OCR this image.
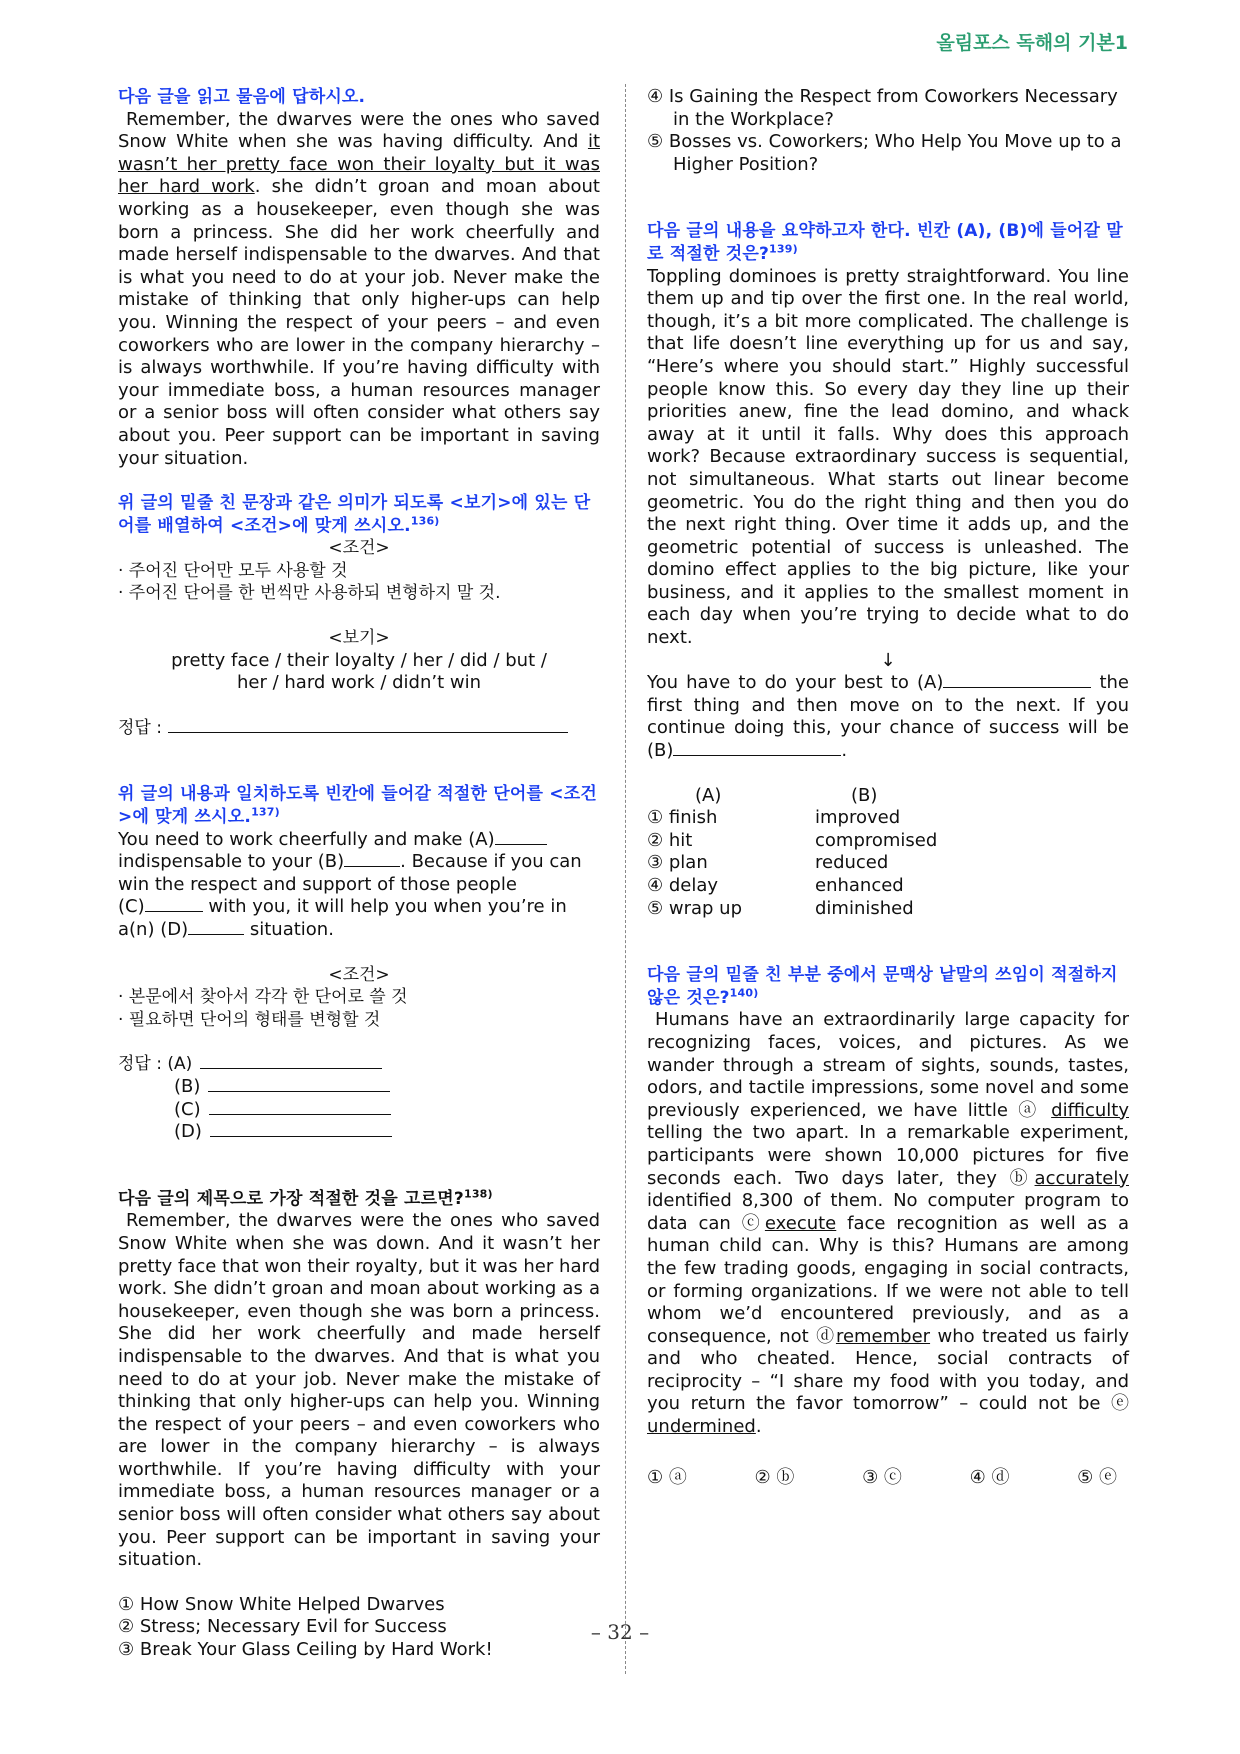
올림포스 독해의 기본1
다음 글을 읽고 물음에 답하시오.
Remember, the dwarves were the ones who saved Snow White when she was having difficulty. And it wasn’t her pretty face won their loyalty but it was her hard work. she didn’t groan and moan about working as a housekeeper, even though she was born a princess. She did her work cheerfully and made herself indispensable to the dwarves. And that is what you need to do at your job. Never make the mistake of thinking that only higher-ups can help you. Winning the respect of your peers – and even coworkers who are lower in the company hierarchy – is always worthwhile. If you’re having difficulty with your immediate boss, a human resources manager or a senior boss will often consider what others say about you. Peer support can be important in saving your situation.
위 글의 밑줄 친 문장과 같은 의미가 되도록 <보기>에 있는 단어를 배열하여 <조건>에 맞게 쓰시오.$^{136)}$
<조건>
· 주어진 단어만 모두 사용할 것
· 주어진 단어를 한 번씩만 사용하되 변형하지 말 것.
<보기>
pretty face / their loyalty / her / did / but /
her / hard work / didn’t win
정답 :
위 글의 내용과 일치하도록 빈칸에 들어갈 적절한 단어를 <조건>에 맞게 쓰시오.$^{137)}$
You need to work cheerfully and make (A)
indispensable to your (B)	. Because if you can win the respect and support of those people
(C)	with you, it will help you when you’re in a(n) (D)	situation.
<조건>
· 본문에서 찾아서 각각 한 단어로 쓸 것
· 필요하면 단어의 형태를 변형할 것
정답 : (A)
(B)
(C)
(D)
다음 글의 제목으로 가장 적절한 것을 고르면?$^{138)}$
Remember, the dwarves were the ones who saved Snow White when she was down. And it wasn’t her pretty face that won their royalty, but it was her hard work. She didn’t groan and moan about working as a housekeeper, even though she was born a princess. She did her work cheerfully and made herself indispensable to the dwarves. And that is what you need to do at your job. Never make the mistake of thinking that only higher-ups can help you. Winning the respect of your peers – and even coworkers who are lower in the company hierarchy – is always worthwhile. If you’re having difficulty with your immediate boss, a human resources manager or a senior boss will often consider what others say about you. Peer support can be important in saving your situation.
① How Snow White Helped Dwarves
② Stress; Necessary Evil for Success
③ Break Your Glass Ceiling by Hard Work!
④ Is Gaining the Respect from Coworkers Necessary in the Workplace?
⑤ Bosses vs. Coworkers; Who Help You Move up to a Higher Position?
다음 글의 내용을 요약하고자 한다. 빈칸 (A), (B)에 들어갈 말로 적절한 것은?$^{139)}$
Toppling dominoes is pretty straightforward. You line them up and tip over the first one. In the real world, though, it’s a bit more complicated. The challenge is that life doesn’t line everything up for us and say, “Here’s where you should start.” Highly successful people know this. So every day they line up their priorities anew, fine the lead domino, and whack away at it until it falls. Why does this approach work? Because extraordinary success is sequential, not simultaneous. What starts out linear become geometric. You do the right thing and then you do the next right thing. Over time it adds up, and the geometric potential of success is unleashed. The domino effect applies to the big picture, like your business, and it applies to the smallest moment in each day when you’re trying to decide what to do next.
↓
You have to do your best to (A)	the first thing and then move on to the next. If you continue doing this, your chance of success will be (B)	.
(A)	(B)
① finish	improved
② hit	compromised
③ plan	reduced
④ delay	enhanced
⑤ wrap up	diminished
다음 글의 밑줄 친 부분 중에서 문맥상 낱말의 쓰임이 적절하지 않은 것은?$^{140)}$
Humans have an extraordinarily large capacity for recognizing faces, voices, and pictures. As we wander through a stream of sights, sounds, tastes, odors, and tactile impressions, some novel and some previously experienced, we have little ⓐ difficulty telling the two apart. In a remarkable experiment, participants were shown 10,000 pictures for five seconds each. Two days later, they ⓑaccurately identified 8,300 of them. No computer program to data can ⓒexecute face recognition as well as a human child can. Why is this? Humans are among the few trading goods, engaging in social contracts, or forming organizations. If we were not able to tell whom we’d encountered previously, and as a consequence, not ⓓremember who treated us fairly and who cheated. Hence, social contracts of reciprocity – “I share my food with you today, and you return the favor tomorrow” – could not be ⓔ undermined.
① ⓐ	② ⓑ	③ ⓒ	④ ⓓ	⑤ ⓔ
– 32 –
